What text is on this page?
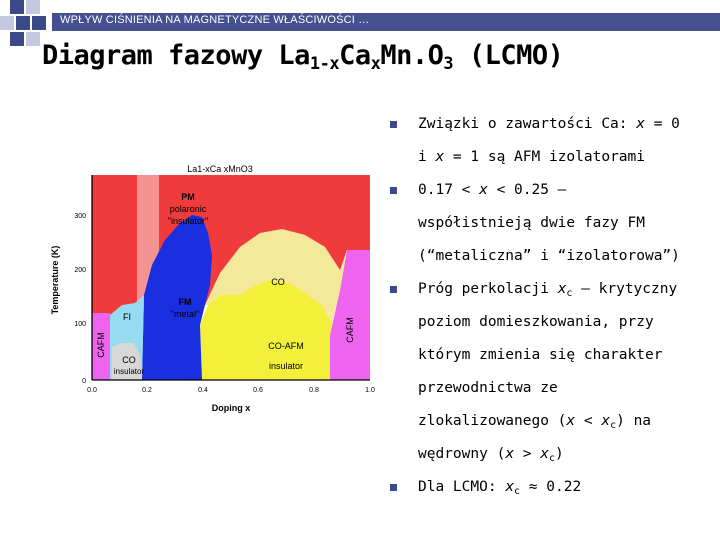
WPŁYW CIŚNIENIA NA MAGNETYCZNE WŁAŚCIWOŚCI …
Diagram fazowy $La_{1-x}Ca_xMn.O_3$ (LCMO)
Związki o zawartości Ca: x = 0
i x = 1 są AFM izolatorami
0.17 < x < 0.25 –
współistnieją dwie fazy FM
(“metaliczna” i “izolatorowa”)
Próg perkolacji $x_c$ – krytyczny
poziom domieszkowania, przy
którym zmienia się charakter
przewodnictwa ze
zlokalizowanego $(x < x_c)$ na
wędrowny $(x > x_c)$
Dla LCMO: $x_c \approx 0.22$
0
100
200
300
0.0	0.2	0.4	0.6	0.8	1.0
Temperature (K)
Doping x
La1-xCa xMnO3
PM
polaronic
"insulator"
CO
FM
"metal"
FI
CO-AFM
insulator
CO
insulator
CAFM
CAFM
